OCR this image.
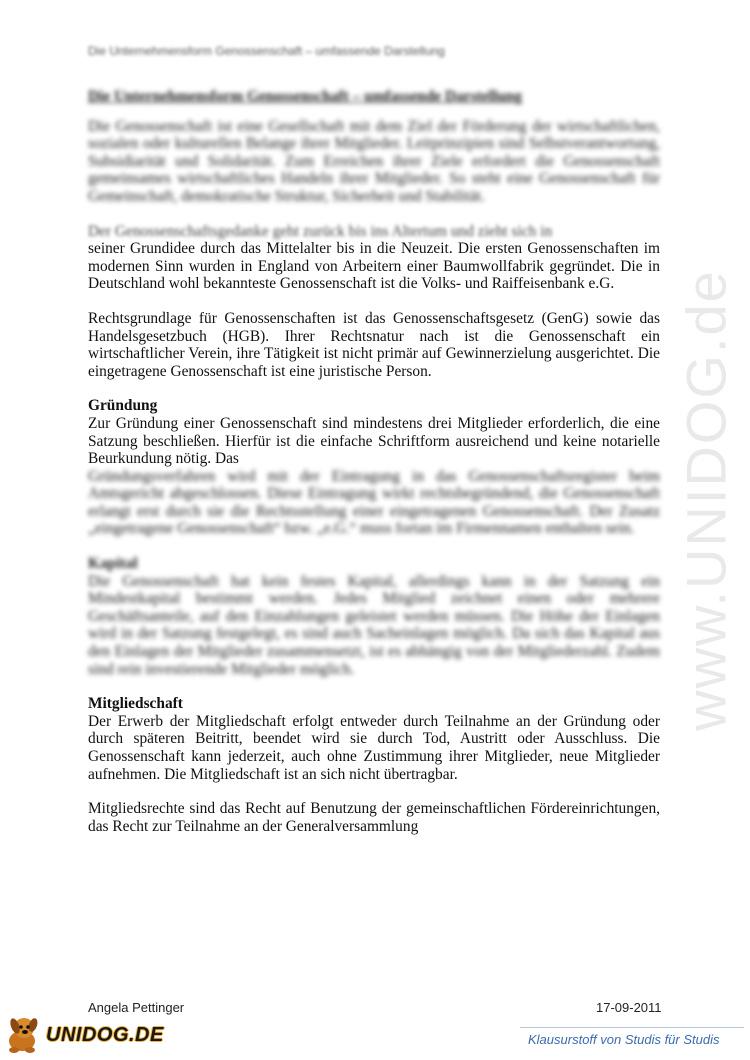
Die Unternehmensform Genossenschaft – umfassende Darstellung
www.UNIDOG.de
Die Unternehmensform Genossenschaft – umfassende Darstellung

Die Genossenschaft ist eine Gesellschaft mit dem Ziel der Förderung der wirtschaftlichen, sozialen oder kulturellen Belange ihrer Mitglieder. Leitprinzipien sind Selbstverantwortung, Subsidiarität und Solidarität. Zum Erreichen ihrer Ziele erfordert die Genossenschaft gemeinsames wirtschaftliches Handeln ihrer Mitglieder. So steht eine Genossenschaft für Gemeinschaft, demokratische Struktur, Sicherheit und Stabilität.

Der Genossenschaftsgedanke geht zurück bis ins Altertum und zieht sich in

seiner Grundidee durch das Mittelalter bis in die Neuzeit. Die ersten Genossenschaften im modernen Sinn wurden in England von Arbeitern einer Baumwollfabrik gegründet. Die in Deutschland wohl bekannteste Genossenschaft ist die Volks- und Raiffeisenbank e.G.

Rechtsgrundlage für Genossenschaften ist das Genossenschaftsgesetz (GenG) sowie das Handelsgesetzbuch (HGB). Ihrer Rechtsnatur nach ist die Genossenschaft ein wirtschaftlicher Verein, ihre Tätigkeit ist nicht primär auf Gewinnerzielung ausgerichtet. Die eingetragene Genossenschaft ist eine juristische Person.

Gründung

Zur Gründung einer Genossenschaft sind mindestens drei Mitglieder erforderlich, die eine Satzung beschließen. Hierfür ist die einfache Schriftform ausreichend und keine notarielle Beurkundung nötig. Das

Gründungsverfahren wird mit der Eintragung in das Genossenschaftsregister beim Amtsgericht abgeschlossen. Diese Eintragung wirkt rechtsbegründend, die Genossenschaft erlangt erst durch sie die Rechtsstellung einer eingetragenen Genossenschaft. Der Zusatz „eingetragene Genossenschaft“ bzw. „e.G.“ muss fortan im Firmennamen enthalten sein.

Kapital

Die Genossenschaft hat kein festes Kapital, allerdings kann in der Satzung ein Mindestkapital bestimmt werden. Jedes Mitglied zeichnet einen oder mehrere Geschäftsanteile, auf den Einzahlungen geleistet werden müssen. Die Höhe der Einlagen wird in der Satzung festgelegt, es sind auch Sacheinlagen möglich. Da sich das Kapital aus den Einlagen der Mitglieder zusammensetzt, ist es abhängig von der Mitgliederzahl. Zudem sind rein investierende Mitglieder möglich.

Mitgliedschaft

Der Erwerb der Mitgliedschaft erfolgt entweder durch Teilnahme an der Gründung oder durch späteren Beitritt, beendet wird sie durch Tod, Austritt oder Ausschluss. Die Genossenschaft kann jederzeit, auch ohne Zustimmung ihrer Mitglieder, neue Mitglieder aufnehmen. Die Mitgliedschaft ist an sich nicht übertragbar.

Mitgliedsrechte sind das Recht auf Benutzung der gemeinschaftlichen Fördereinrichtungen, das Recht zur Teilnahme an der Generalversammlung

Angela Pettinger	17-09-2011
UNIDOG.DE	Klausurstoff von Studis für Studis
